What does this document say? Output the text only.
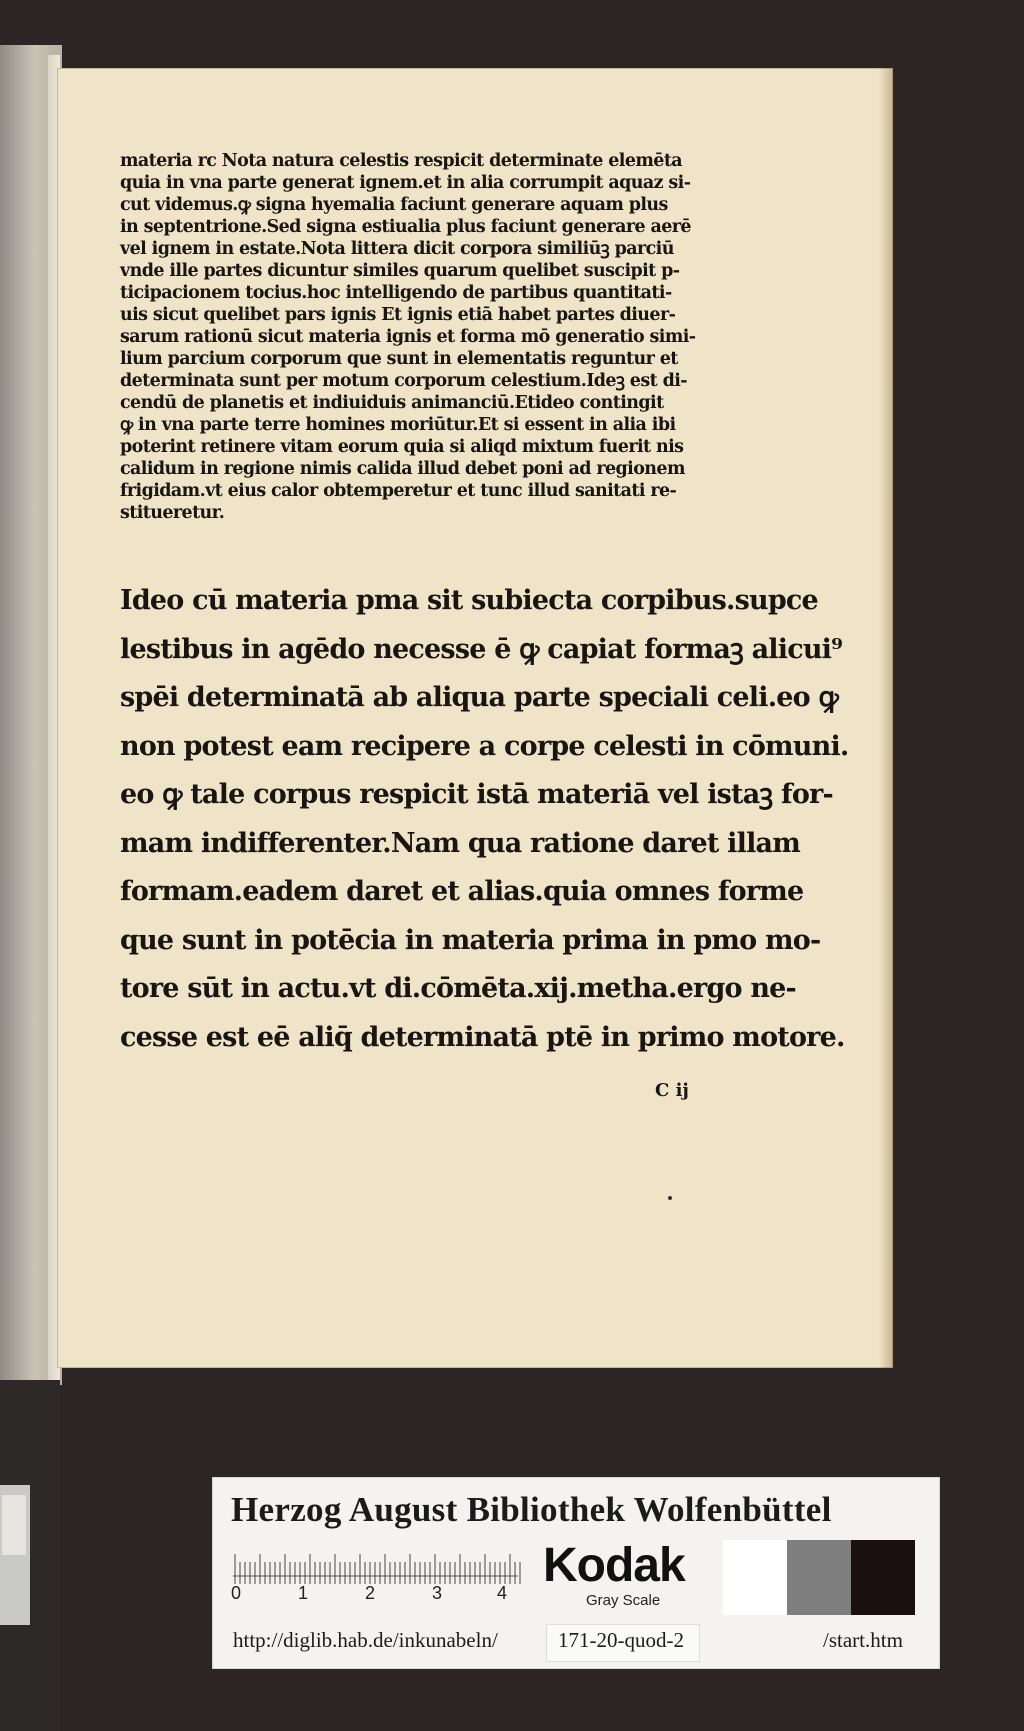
materia rc Nota natura celestis respicit determinate elemēta

quia in vna parte generat ignem.et in alia corrumpit aquaz si-

cut videmus.ꝙ signa hyemalia faciunt generare aquam plus

in septentrione.Sed signa estiualia plus faciunt generare aerē

vel ignem in estate.Nota littera dicit corpora similiūꝫ parciū

vnde ille partes dicuntur similes quarum quelibet suscipit p-

ticipacionem tocius.hoc intelligendo de partibus quantitati-

uis sicut quelibet pars ignis Et ignis etiā habet partes diuer-

sarum rationū sicut materia ignis et forma mō generatio simi-

lium parcium corporum que sunt in elementatis reguntur et

determinata sunt per motum corporum celestium.Ideꝫ est di-

cendū de planetis et indiuiduis animanciū.Etideo contingit

ꝙ in vna parte terre homines moriūtur.Et si essent in alia ibi

poterint retinere vitam eorum quia si aliqd mixtum fuerit nis

calidum in regione nimis calida illud debet poni ad regionem

frigidam.vt eius calor obtemperetur et tunc illud sanitati re-

stitueretur.

Ideo cū materia pma sit subiecta corpibus.supce
lestibus in agēdo necesse ē ꝙ capiat formaꝫ alicui⁹
spēi determinatā ab aliqua parte speciali celi.eo ꝙ
non potest eam recipere a corpe celesti in cōmuni.
eo ꝙ tale corpus respicit istā materiā vel istaꝫ for-
mam indifferenter.Nam qua ratione daret illam
formam.eadem daret et alias.quia omnes forme
que sunt in potēcia in materia prima in pmo mo-
tore sūt in actu.vt di.cōmēta.xij.metha.ergo ne-
cesse est eē aliq̄ determinatā ptē in primo motore.
C ij
Herzog August Bibliothek Wolfenbüttel
0	1	2	3	4
Kodak
Gray Scale
http://diglib.hab.de/inkunabeln/	171-20-quod-2	/start.htm
